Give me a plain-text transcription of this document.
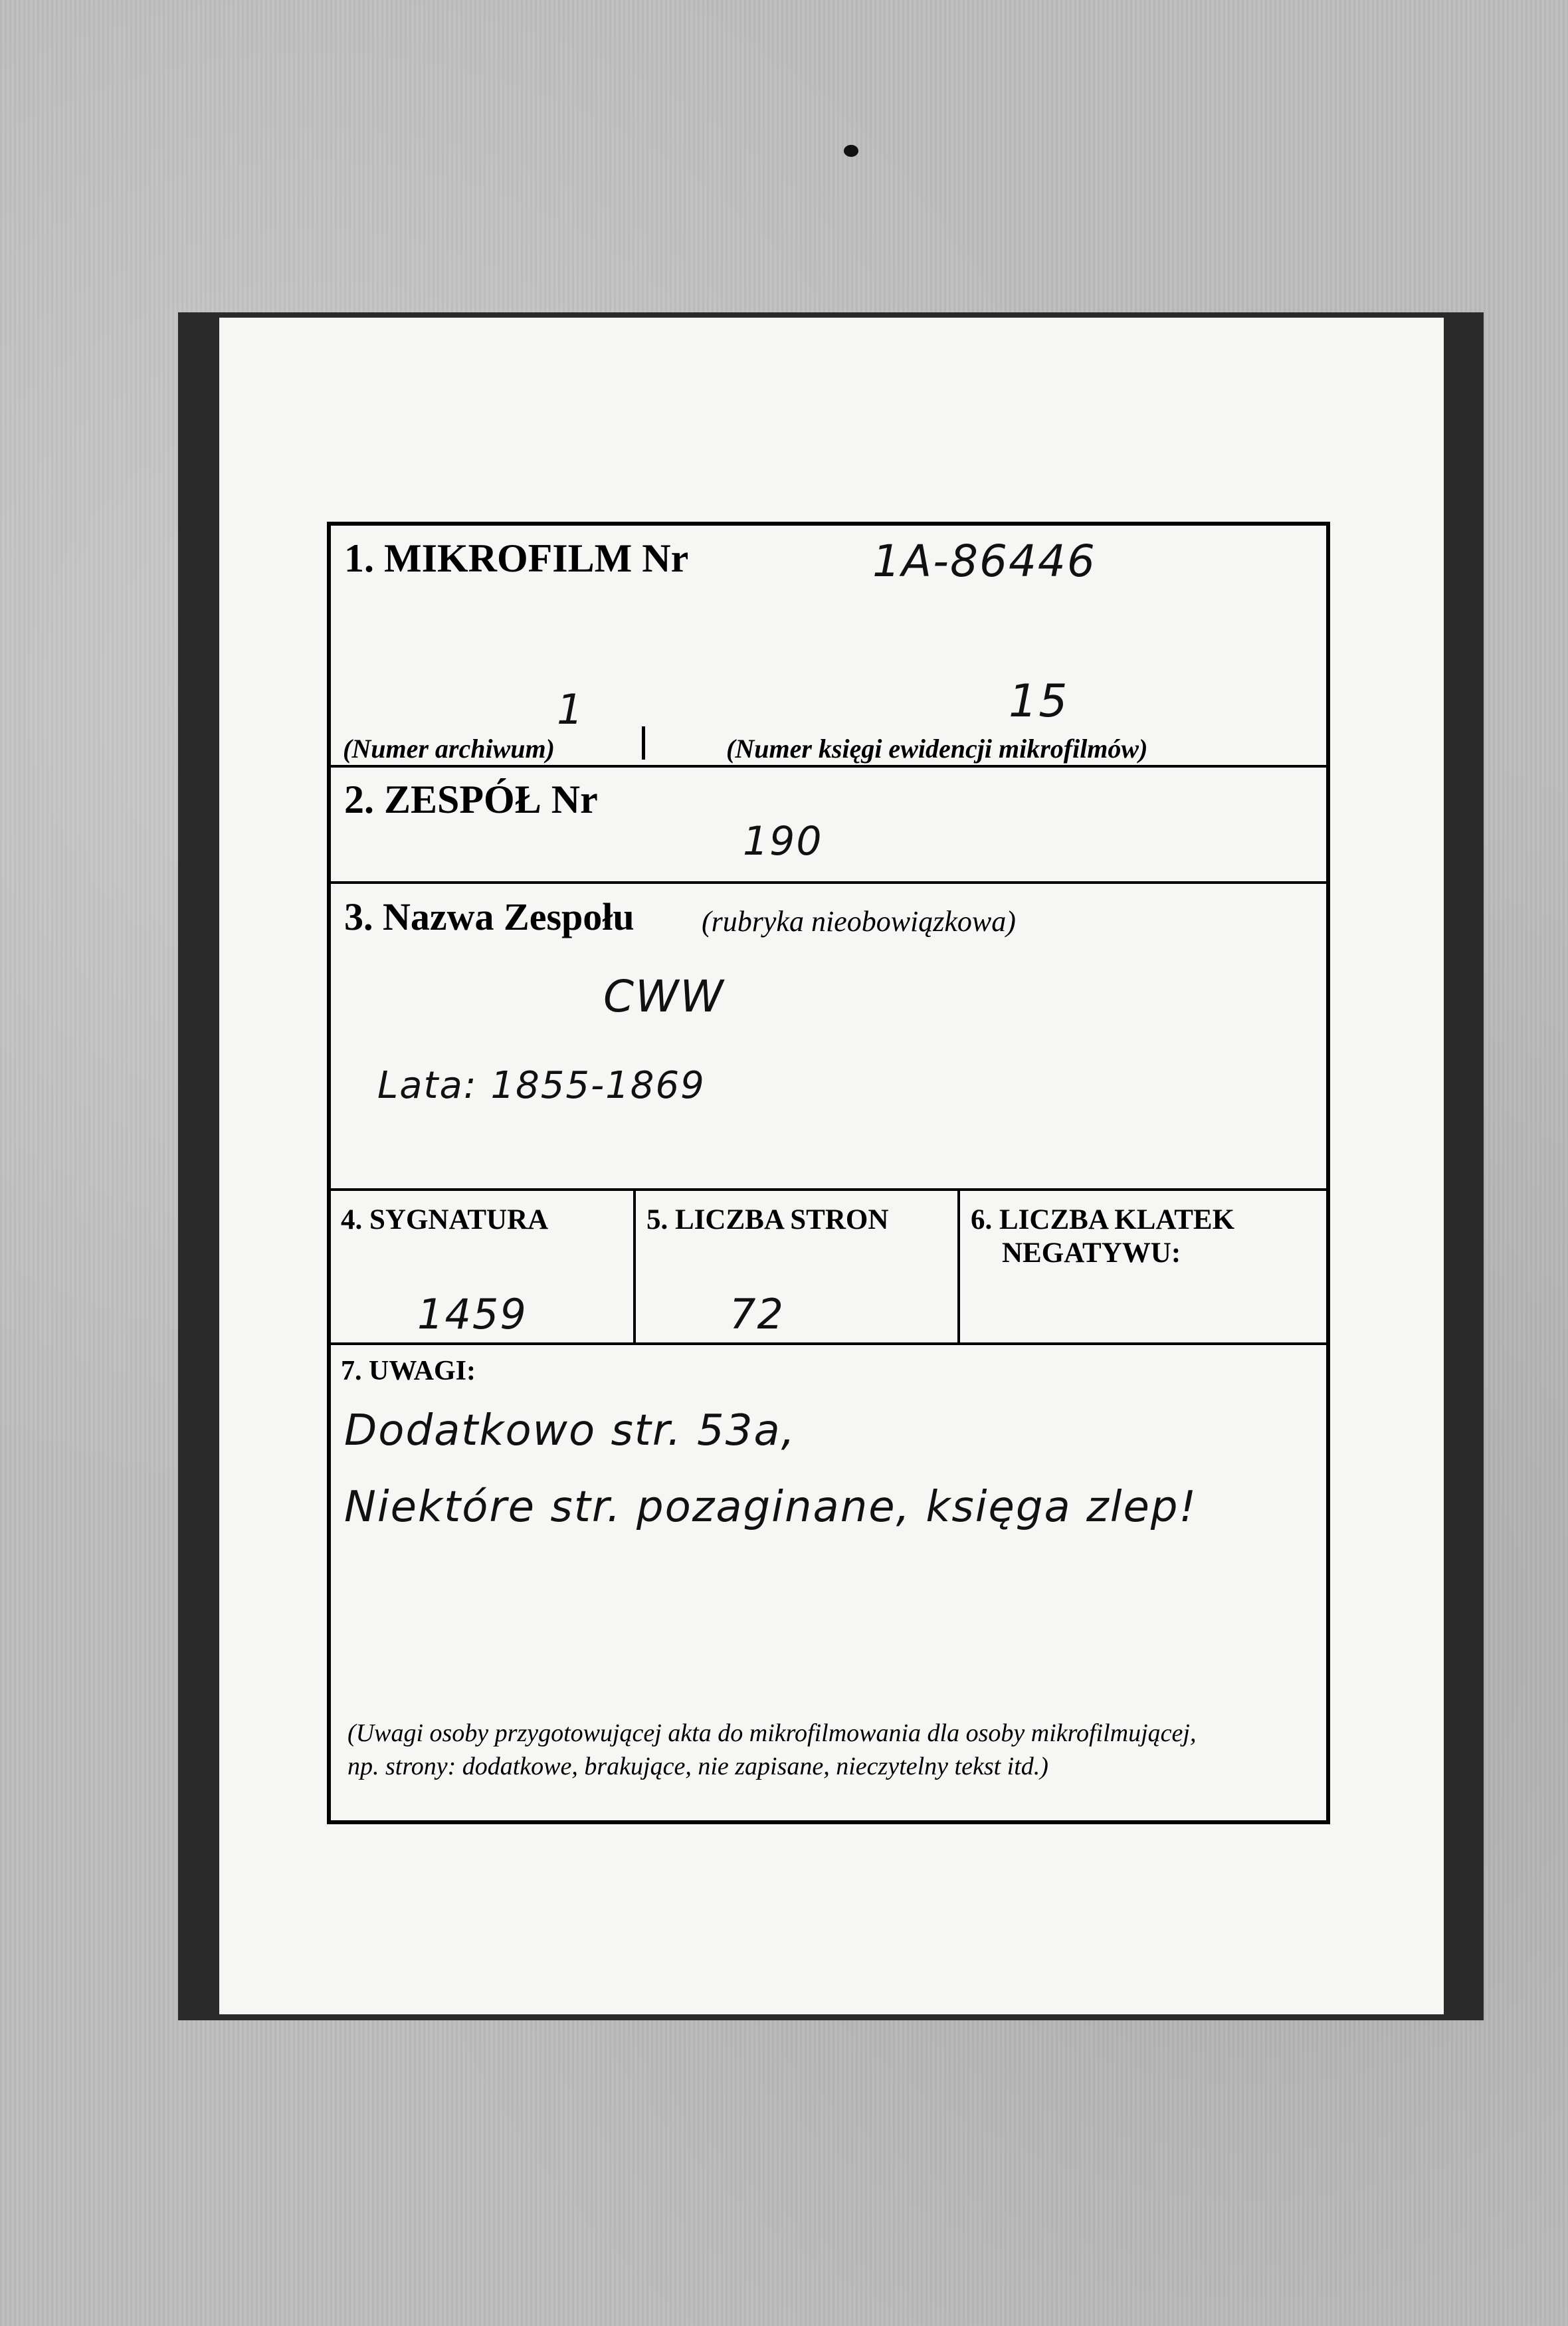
1. MIKROFILM Nr	1A-86446
1	15
(Numer archiwum)	(Numer księgi ewidencji mikrofilmów)
2. ZESPÓŁ Nr
190
3. Nazwa Zespołu (rubryka nieobowiązkowa)
CWW
Lata: 1855-1869
4. SYGNATURA
1459
5. LICZBA STRON
72
6. LICZBA KLATEK
NEGATYWU:
7. UWAGI:
Dodatkowo str. 53a,
Niektóre str. pozaginane, księga zlep!
(Uwagi osoby przygotowującej akta do mikrofilmowania dla osoby mikrofilmującej,
np. strony: dodatkowe, brakujące, nie zapisane, nieczytelny tekst itd.)
